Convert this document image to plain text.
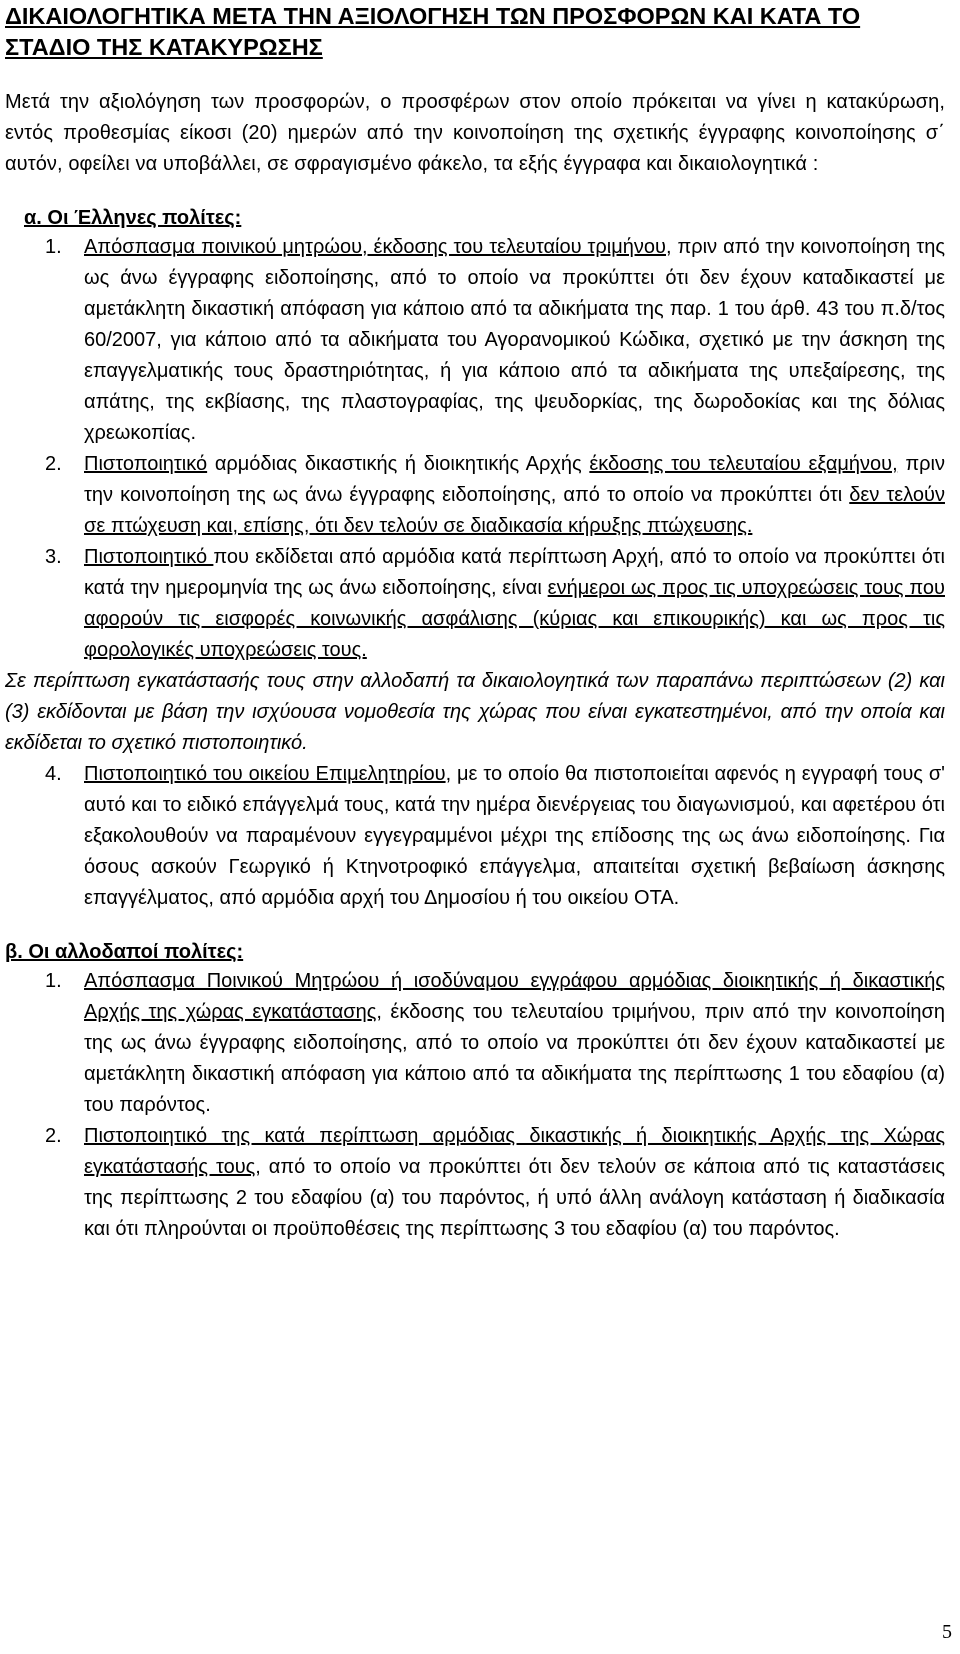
ΔΙΚΑΙΟΛΟΓΗΤΙΚΑ ΜΕΤΑ ΤΗΝ ΑΞΙΟΛΟΓΗΣΗ ΤΩΝ ΠΡΟΣΦΟΡΩΝ ΚΑΙ ΚΑΤΑ ΤΟ ΣΤΑΔΙΟ ΤΗΣ ΚΑΤΑΚΥΡΩΣΗΣ

Μετά την αξιολόγηση των προσφορών, ο προσφέρων στον οποίο πρόκειται να γίνει η κατακύρωση, εντός προθεσμίας είκοσι (20) ημερών από την κοινοποίηση της σχετικής έγγραφης κοινοποίησης σ΄ αυτόν, οφείλει να υποβάλλει, σε σφραγισμένο φάκελο, τα εξής έγγραφα και δικαιολογητικά :

α. Οι Έλληνες πολίτες:
1. Απόσπασμα ποινικού μητρώου, έκδοσης του τελευταίου τριμήνου, πριν από την κοινοποίηση της ως άνω έγγραφης ειδοποίησης, από το οποίο να προκύπτει ότι δεν έχουν καταδικαστεί με αμετάκλητη δικαστική απόφαση για κάποιο από τα αδικήματα της παρ. 1 του άρθ. 43 του π.δ/τος 60/2007, για κάποιο από τα αδικήματα του Αγορανομικού Κώδικα, σχετικό με την άσκηση της επαγγελματικής τους δραστηριότητας, ή για κάποιο από τα αδικήματα της υπεξαίρεσης, της απάτης, της εκβίασης, της πλαστογραφίας, της ψευδορκίας, της δωροδοκίας και της δόλιας χρεωκοπίας.
2. Πιστοποιητικό αρμόδιας δικαστικής ή διοικητικής Αρχής έκδοσης του τελευταίου εξαμήνου, πριν την κοινοποίηση της ως άνω έγγραφης ειδοποίησης, από το οποίο να προκύπτει ότι δεν τελούν σε πτώχευση και, επίσης, ότι δεν τελούν σε διαδικασία κήρυξης πτώχευσης.
3. Πιστοποιητικό που εκδίδεται από αρμόδια κατά περίπτωση Αρχή, από το οποίο να προκύπτει ότι κατά την ημερομηνία της ως άνω ειδοποίησης, είναι ενήμεροι ως προς τις υποχρεώσεις τους που αφορούν τις εισφορές κοινωνικής ασφάλισης (κύριας και επικουρικής) και ως προς τις φορολογικές υποχρεώσεις τους.

Σε περίπτωση εγκατάστασής τους στην αλλοδαπή τα δικαιολογητικά των παραπάνω περιπτώσεων (2) και (3) εκδίδονται με βάση την ισχύουσα νομοθεσία της χώρας που είναι εγκατεστημένοι, από την οποία και εκδίδεται το σχετικό πιστοποιητικό.

4. Πιστοποιητικό του οικείου Επιμελητηρίου, με το οποίο θα πιστοποιείται αφενός η εγγραφή τους σ' αυτό και το ειδικό επάγγελμά τους, κατά την ημέρα διενέργειας του διαγωνισμού, και αφετέρου ότι εξακολουθούν να παραμένουν εγγεγραμμένοι μέχρι της επίδοσης της ως άνω ειδοποίησης. Για όσους ασκούν Γεωργικό ή Κτηνοτροφικό επάγγελμα, απαιτείται σχετική βεβαίωση άσκησης επαγγέλματος, από αρμόδια αρχή του Δημοσίου ή του οικείου ΟΤΑ.
β. Οι αλλοδαποί πολίτες:
1. Απόσπασμα Ποινικού Μητρώου ή ισοδύναμου εγγράφου αρμόδιας διοικητικής ή δικαστικής Αρχής της χώρας εγκατάστασης, έκδοσης του τελευταίου τριμήνου, πριν από την κοινοποίηση της ως άνω έγγραφης ειδοποίησης, από το οποίο να προκύπτει ότι δεν έχουν καταδικαστεί με αμετάκλητη δικαστική απόφαση για κάποιο από τα αδικήματα της περίπτωσης 1 του εδαφίου (α) του παρόντος.
2. Πιστοποιητικό της κατά περίπτωση αρμόδιας δικαστικής ή διοικητικής Αρχής της Χώρας εγκατάστασής τους, από το οποίο να προκύπτει ότι δεν τελούν σε κάποια από τις καταστάσεις της περίπτωσης 2 του εδαφίου (α) του παρόντος, ή υπό άλλη ανάλογη κατάσταση ή διαδικασία και ότι πληρούνται οι προϋποθέσεις της περίπτωσης 3 του εδαφίου (α) του παρόντος.
5
